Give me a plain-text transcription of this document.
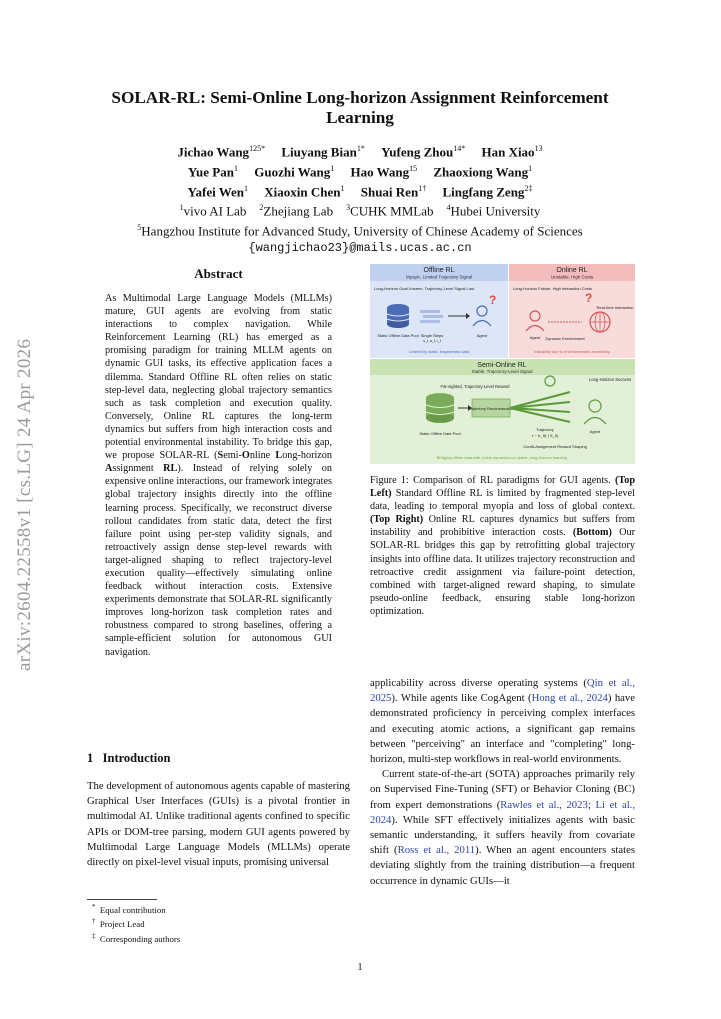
arXiv:2604.22558v1 [cs.LG] 24 Apr 2026
SOLAR-RL: Semi-Online Long-horizon Assignment Reinforcement Learning
Jichao Wang$^{125*}$ Liuyang Bian$^{1*}$ Yufeng Zhou$^{14*}$ Han Xiao$^{13}$
Yue Pan$^1$ Guozhi Wang$^1$ Hao Wang$^{15}$ Zhaoxiong Wang$^1$
Yafei Wen$^1$ Xiaoxin Chen$^1$ Shuai Ren$^{1\dagger}$ Lingfang Zeng$^{2\ddagger}$
$^1$vivo AI Lab $^2$Zhejiang Lab $^3$CUHK MMLab $^4$Hubei University
$^5$Hangzhou Institute for Advanced Study, University of Chinese Academy of Sciences
{wangjichao23}@mails.ucas.ac.cn
Abstract

As Multimodal Large Language Models (MLLMs) mature, GUI agents are evolving from static interactions to complex navigation. While Reinforcement Learning (RL) has emerged as a promising paradigm for training MLLM agents on dynamic GUI tasks, its effective application faces a dilemma. Standard Offline RL often relies on static step-level data, neglecting global trajectory semantics such as task completion and execution quality. Conversely, Online RL captures the long-term dynamics but suffers from high interaction costs and potential environmental instability. To bridge this gap, we propose SOLAR-RL (Semi-Online Long-horizon Assignment RL). Instead of relying solely on expensive online interactions, our framework integrates global trajectory insights directly into the offline learning process. Specifically, we reconstruct diverse rollout candidates from static data, detect the first failure point using per-step validity signals, and retroactively assign dense step-level rewards with target-aligned shaping to reflect trajectory-level execution quality—effectively simulating online feedback without interaction costs. Extensive experiments demonstrate that SOLAR-RL significantly improves long-horizon task completion rates and robustness compared to strong baselines, offering a sample-efficient solution for autonomous GUI navigation.

1 Introduction

The development of autonomous agents capable of mastering Graphical User Interfaces (GUIs) is a pivotal frontier in multimodal AI. Unlike traditional agents confined to specific APIs or DOM-tree parsing, modern GUI agents powered by Multimodal Large Language Models (MLLMs) operate directly on pixel-level visual inputs, promising universal

* Equal contribution
† Project Lead
‡ Corresponding authors
Offline RL
Myopic, Limited Trajectory Signal
Long-Horizon Goal Unseen, Trajectory-Level Signal Lost
Static Offline Data Pool Single Steps
s_t, a_t, r_t
?
Agent
Limited by static, fragmented data
Online RL
Unstable, High Costs
Long-Horizon Failure, High Interaction Costs
?
Agent Dynamic Environment
Real-time Interaction
Instability due to environmental uncertainty
Semi-Online RL
Stable, Trajectory-Level Signal
Far-sighted, Trajectory-Level Reward
Long-Horizon Success
Static Offline Data Pool
Trajectory Reconstruction
Trajectory
τ ~ π_θ(·| S_0)
Agent
Credit-Assignment Reward Shaping
Bridging offline data with online dynamics for stable, long-horizon learning
Figure 1: Comparison of RL paradigms for GUI agents. (Top Left) Standard Offline RL is limited by fragmented step-level data, leading to temporal myopia and loss of global context. (Top Right) Online RL captures dynamics but suffers from instability and prohibitive interaction costs. (Bottom) Our SOLAR-RL bridges this gap by retrofitting global trajectory insights into offline data. It utilizes trajectory reconstruction and retroactive credit assignment via failure-point detection, combined with target-aligned reward shaping, to simulate pseudo-online feedback, ensuring stable long-horizon optimization.

applicability across diverse operating systems (Qin et al., 2025). While agents like CogAgent (Hong et al., 2024) have demonstrated proficiency in perceiving complex interfaces and executing atomic actions, a significant gap remains between "perceiving" an interface and "completing" long-horizon, multi-step workflows in real-world environments.

Current state-of-the-art (SOTA) approaches primarily rely on Supervised Fine-Tuning (SFT) or Behavior Cloning (BC) from expert demonstrations (Rawles et al., 2023; Li et al., 2024). While SFT effectively initializes agents with basic semantic understanding, it suffers heavily from covariate shift (Ross et al., 2011). When an agent encounters states deviating slightly from the training distribution—a frequent occurrence in dynamic GUIs—it

1
